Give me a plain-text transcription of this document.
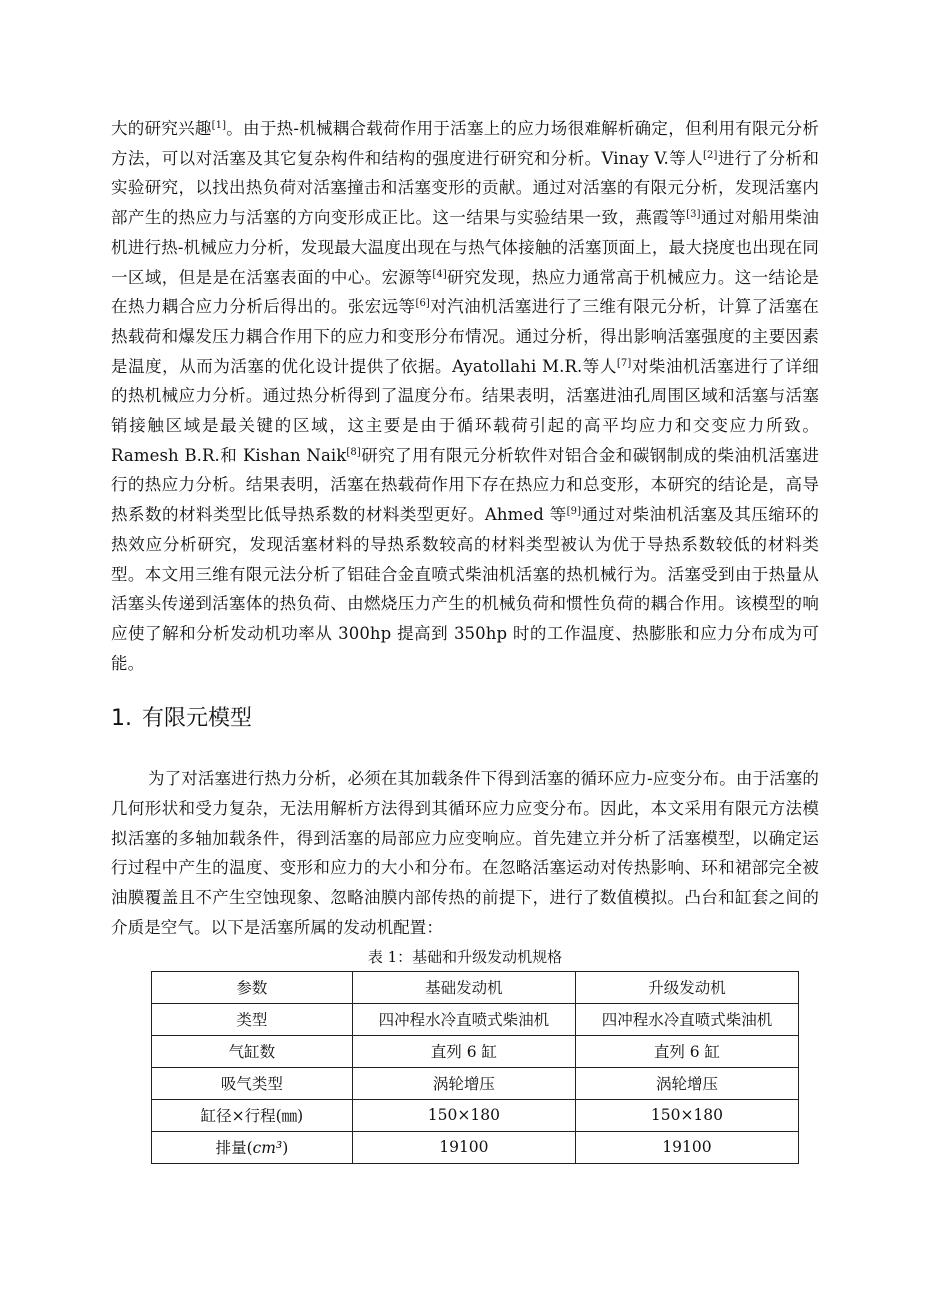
大的研究兴趣[1]。由于热-机械耦合载荷作用于活塞上的应力场很难解析确定，但利用有限元分析方法，可以对活塞及其它复杂构件和结构的强度进行研究和分析。Vinay V.等人[2]进行了分析和实验研究，以找出热负荷对活塞撞击和活塞变形的贡献。通过对活塞的有限元分析，发现活塞内部产生的热应力与活塞的方向变形成正比。这一结果与实验结果一致，燕霞等[3]通过对船用柴油机进行热-机械应力分析，发现最大温度出现在与热气体接触的活塞顶面上，最大挠度也出现在同一区域，但是是在活塞表面的中心。宏源等[4]研究发现，热应力通常高于机械应力。这一结论是在热力耦合应力分析后得出的。张宏远等[6]对汽油机活塞进行了三维有限元分析，计算了活塞在热载荷和爆发压力耦合作用下的应力和变形分布情况。通过分析，得出影响活塞强度的主要因素是温度，从而为活塞的优化设计提供了依据。Ayatollahi M.R.等人[7]对柴油机活塞进行了详细的热机械应力分析。通过热分析得到了温度分布。结果表明，活塞进油孔周围区域和活塞与活塞销接触区域是最关键的区域，这主要是由于循环载荷引起的高平均应力和交变应力所致。Ramesh B.R.和 Kishan Naik[8]研究了用有限元分析软件对铝合金和碳钢制成的柴油机活塞进行的热应力分析。结果表明，活塞在热载荷作用下存在热应力和总变形，本研究的结论是，高导热系数的材料类型比低导热系数的材料类型更好。Ahmed 等[9]通过对柴油机活塞及其压缩环的热效应分析研究，发现活塞材料的导热系数较高的材料类型被认为优于导热系数较低的材料类型。本文用三维有限元法分析了铝硅合金直喷式柴油机活塞的热机械行为。活塞受到由于热量从活塞头传递到活塞体的热负荷、由燃烧压力产生的机械负荷和惯性负荷的耦合作用。该模型的响应使了解和分析发动机功率从 300hp 提高到 350hp 时的工作温度、热膨胀和应力分布成为可能。

1. 有限元模型

为了对活塞进行热力分析，必须在其加载条件下得到活塞的循环应力-应变分布。由于活塞的几何形状和受力复杂，无法用解析方法得到其循环应力应变分布。因此，本文采用有限元方法模拟活塞的多轴加载条件，得到活塞的局部应力应变响应。首先建立并分析了活塞模型，以确定运行过程中产生的温度、变形和应力的大小和分布。在忽略活塞运动对传热影响、环和裙部完全被油膜覆盖且不产生空蚀现象、忽略油膜内部传热的前提下，进行了数值模拟。凸台和缸套之间的介质是空气。以下是活塞所属的发动机配置：

表 1：基础和升级发动机规格
参数	基础发动机	升级发动机
类型	四冲程水冷直喷式柴油机	四冲程水冷直喷式柴油机
气缸数	直列 6 缸	直列 6 缸
吸气类型	涡轮增压	涡轮增压
缸径×行程(㎜)	150×180	150×180
排量(cm³)	19100	19100
